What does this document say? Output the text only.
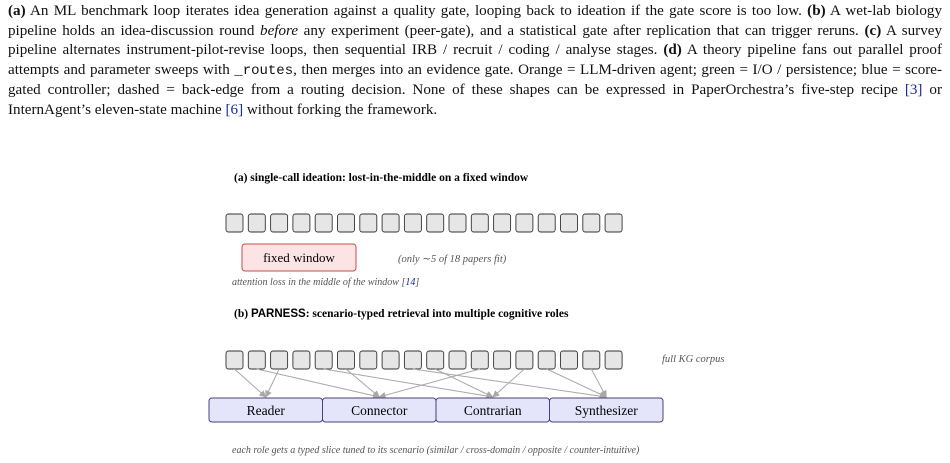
(a) An ML benchmark loop iterates idea generation against a quality gate, looping back to ideation if the gate score is too low. (b) A wet-lab biology pipeline holds an idea-discussion round before any experiment (peer-gate), and a statistical gate after replication that can trigger reruns. (c) A survey pipeline alternates instrument-pilot-revise loops, then sequential IRB / recruit / coding / analyse stages. (d) A theory pipeline fans out parallel proof attempts and parameter sweeps with _routes, then merges into an evidence gate. Orange = LLM-driven agent; green = I/O / persistence; blue = score-gated controller; dashed = back-edge from a routing decision. None of these shapes can be expressed in PaperOrchestra’s five-step recipe [3] or InternAgent’s eleven-state machine [6] without forking the framework.
(a) single-call ideation: lost-in-the-middle on a fixed window
fixed window	(only ∼5 of 18 papers fit)
attention loss in the middle of the window [14]
(b) PARNESS: scenario-typed retrieval into multiple cognitive roles
full KG corpus
Reader	Connector	Contrarian	Synthesizer
each role gets a typed slice tuned to its scenario (similar / cross-domain / opposite / counter-intuitive)
